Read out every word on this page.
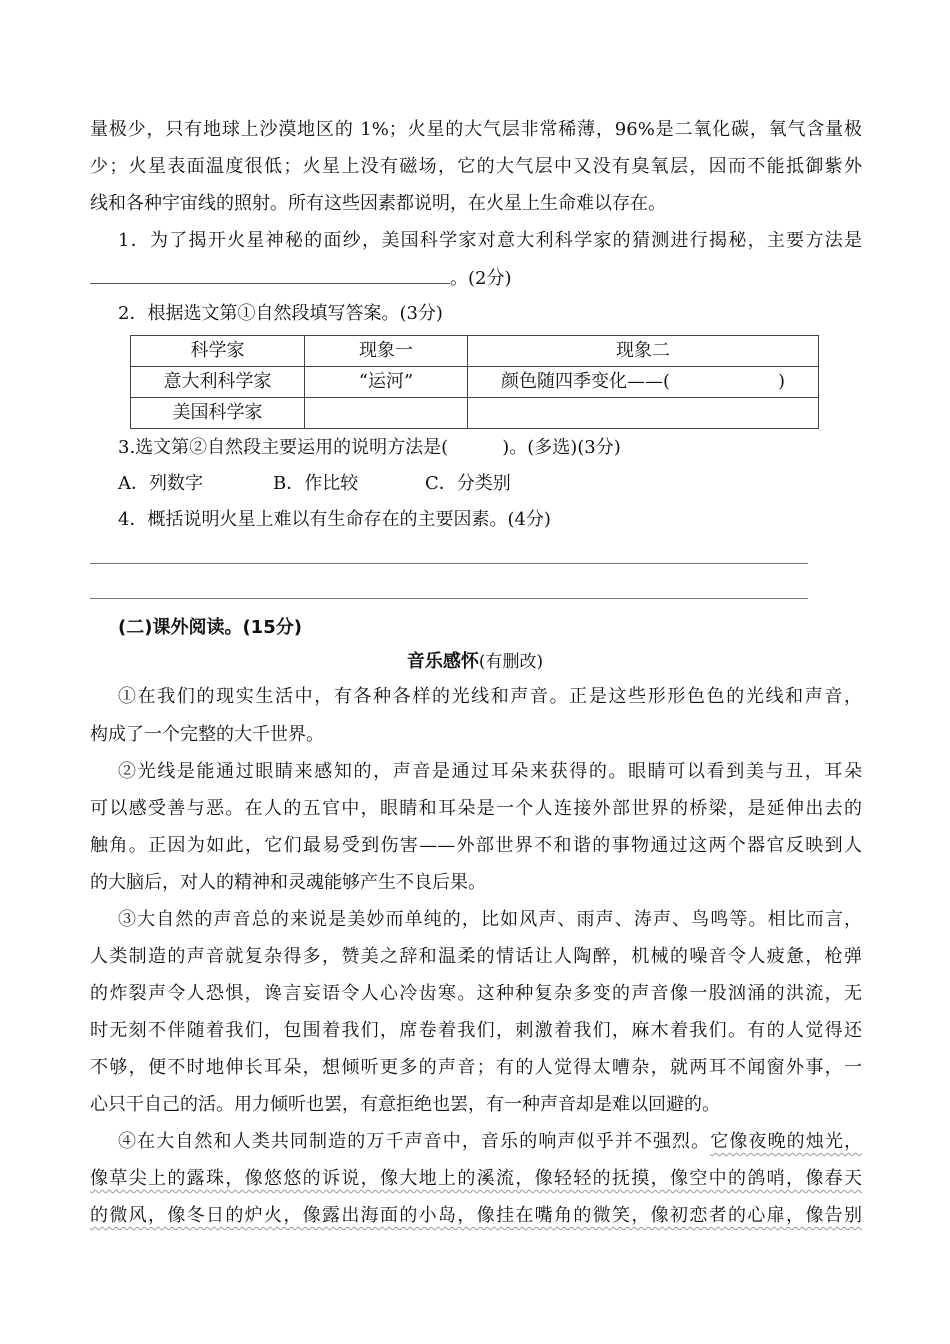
量极少，只有地球上沙漠地区的 1%；火星的大气层非常稀薄，96%是二氧化碳，氧气含量极
少；火星表面温度很低；火星上没有磁场，它的大气层中又没有臭氧层，因而不能抵御紫外
线和各种宇宙线的照射。所有这些因素都说明，在火星上生命难以存在。
1．为了揭开火星神秘的面纱，美国科学家对意大利科学家的猜测进行揭秘，主要方法是
。(2分)
2．根据选文第①自然段填写答案。(3分)
科学家	现象一	现象二
意大利科学家	“运河”	颜色随四季变化——(　　　　　　)
美国科学家		
3.选文第②自然段主要运用的说明方法是(　　　)。(多选)(3分)
A．列数字	B．作比较	C．分类别
4．概括说明火星上难以有生命存在的主要因素。(4分)
(二)课外阅读。(15分)
音乐感怀(有删改)
①在我们的现实生活中，有各种各样的光线和声音。正是这些形形色色的光线和声音，
构成了一个完整的大千世界。
②光线是能通过眼睛来感知的，声音是通过耳朵来获得的。眼睛可以看到美与丑，耳朵
可以感受善与恶。在人的五官中，眼睛和耳朵是一个人连接外部世界的桥梁，是延伸出去的
触角。正因为如此，它们最易受到伤害——外部世界不和谐的事物通过这两个器官反映到人
的大脑后，对人的精神和灵魂能够产生不良后果。
③大自然的声音总的来说是美妙而单纯的，比如风声、雨声、涛声、鸟鸣等。相比而言，
人类制造的声音就复杂得多，赞美之辞和温柔的情话让人陶醉，机械的噪音令人疲惫，枪弹
的炸裂声令人恐惧，谗言妄语令人心冷齿寒。这种种复杂多变的声音像一股汹涌的洪流，无
时无刻不伴随着我们，包围着我们，席卷着我们，刺激着我们，麻木着我们。有的人觉得还
不够，便不时地伸长耳朵，想倾听更多的声音；有的人觉得太嘈杂，就两耳不闻窗外事，一
心只干自己的活。用力倾听也罢，有意拒绝也罢，有一种声音却是难以回避的。
④在大自然和人类共同制造的万千声音中，音乐的响声似乎并不强烈。它像夜晚的烛光，
像草尖上的露珠，像悠悠的诉说，像大地上的溪流，像轻轻的抚摸，像空中的鸽哨，像春天
的微风，像冬日的炉火，像露出海面的小岛，像挂在嘴角的微笑，像初恋者的心扉，像告别
